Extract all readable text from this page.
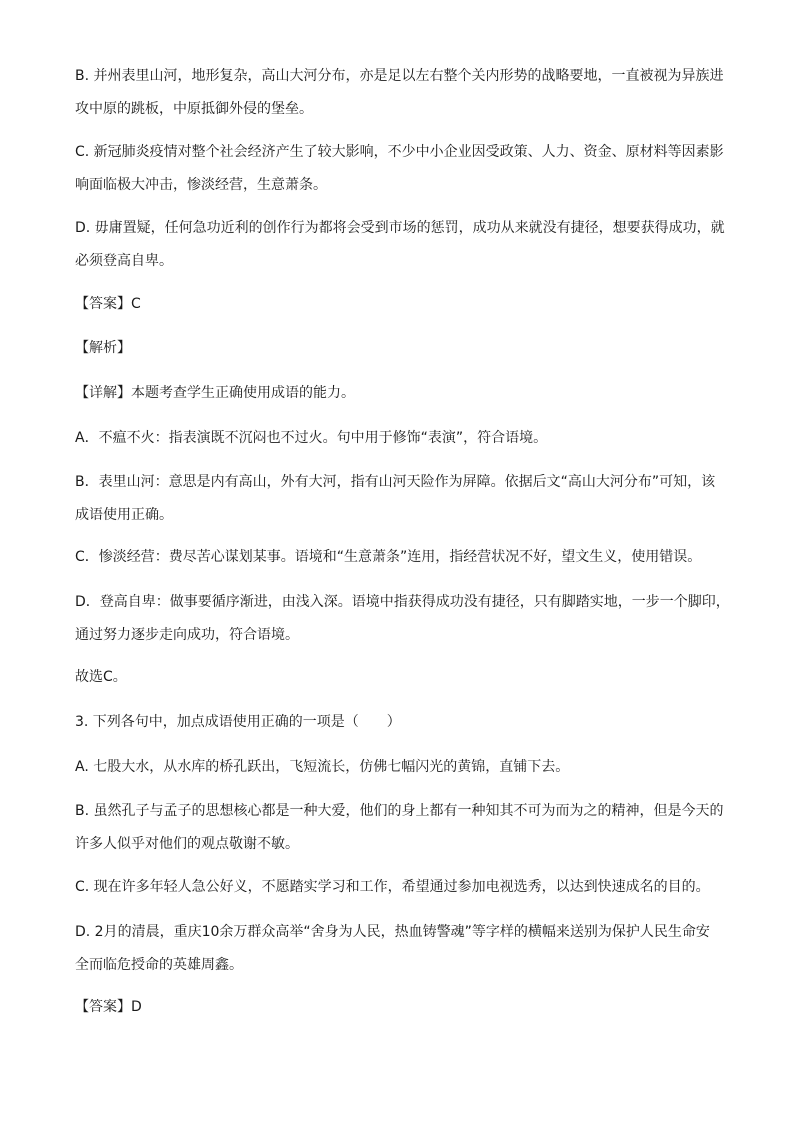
B. 并州表里山河，地形复杂，高山大河分布，亦是足以左右整个关内形势的战略要地，一直被视为异族进
攻中原的跳板，中原抵御外侵的堡垒。
C. 新冠肺炎疫情对整个社会经济产生了较大影响，不少中小企业因受政策、人力、资金、原材料等因素影
响面临极大冲击，惨淡经营，生意萧条。
D. 毋庸置疑，任何急功近利的创作行为都将会受到市场的惩罚，成功从来就没有捷径，想要获得成功，就
必须登高自卑。
【答案】C
【解析】
【详解】本题考查学生正确使用成语的能力。
A．不瘟不火：指表演既不沉闷也不过火。句中用于修饰“表演”，符合语境。
B．表里山河：意思是内有高山，外有大河，指有山河天险作为屏障。依据后文“高山大河分布”可知，该
成语使用正确。
C．惨淡经营：费尽苦心谋划某事。语境和“生意萧条”连用，指经营状况不好，望文生义，使用错误。
D．登高自卑：做事要循序渐进，由浅入深。语境中指获得成功没有捷径，只有脚踏实地，一步一个脚印，
通过努力逐步走向成功，符合语境。
故选C。
3. 下列各句中，加点成语使用正确的一项是（　　）
A. 七股大水，从水库的桥孔跃出，飞短流长，仿佛七幅闪光的黄锦，直铺下去。
B. 虽然孔子与孟子的思想核心都是一种大爱，他们的身上都有一种知其不可为而为之的精神，但是今天的
许多人似乎对他们的观点敬谢不敏。
C. 现在许多年轻人急公好义，不愿踏实学习和工作，希望通过参加电视选秀，以达到快速成名的目的。
D. 2月的清晨，重庆10余万群众高举“舍身为人民，热血铸警魂”等字样的横幅来送别为保护人民生命安
全而临危授命的英雄周鑫。
【答案】D
